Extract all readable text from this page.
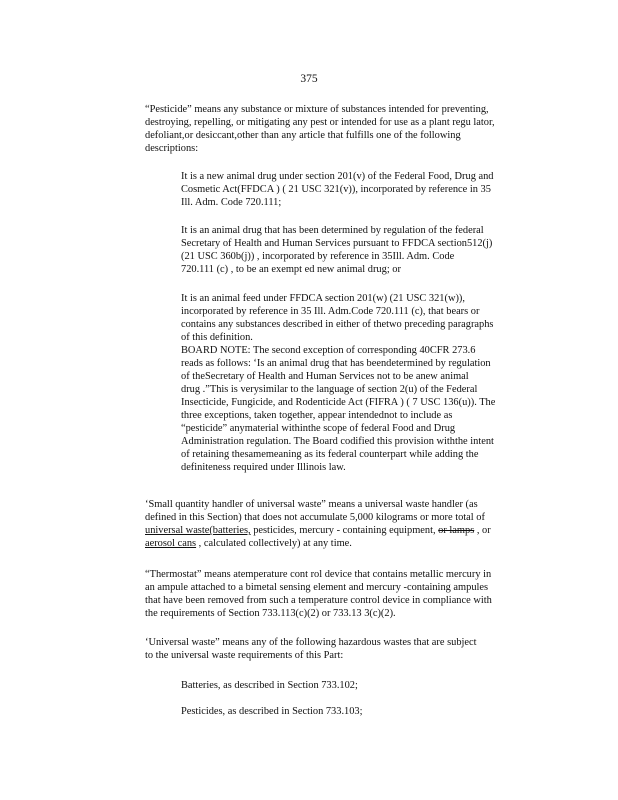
375
“Pesticide” means any substance or mixture of substances intended for preventing,
destroying, repelling, or mitigating any pest or intended for use as a plant regu lator,
defoliant,or desiccant,other than any article that fulfills one of the following
descriptions:
It is a new animal drug under section 201(v) of the Federal Food, Drug and
Cosmetic Act(FFDCA ) ( 21 USC 321(v)), incorporated by reference in 35
Ill. Adm. Code 720.111;
It is an animal drug that has been determined by regulation of the federal
Secretary of Health and Human Services pursuant to FFDCA section512(j)
(21 USC 360b(j)) , incorporated by reference in 35Ill. Adm. Code
720.111 (c) , to be an exempt ed new animal drug; or
It is an animal feed under FFDCA section 201(w) (21 USC 321(w)),
incorporated by reference in 35 Ill. Adm.Code 720.111 (c), that bears or
contains any substances described in either of thetwo preceding paragraphs
of this definition.
BOARD NOTE: The second exception of corresponding 40CFR 273.6
reads as follows: ‘Is an animal drug that has beendetermined by regulation
of theSecretary of Health and Human Services not to be anew animal
drug .”This is verysimilar to the language of section 2(u) of the Federal
Insecticide, Fungicide, and Rodenticide Act (FIFRA ) ( 7 USC 136(u)). The
three exceptions, taken together, appear intendednot to include as
“pesticide” anymaterial withinthe scope of federal Food and Drug
Administration regulation. The Board codified this provision withthe intent
of retaining thesamemeaning as its federal counterpart while adding the
definiteness required under Illinois law.
‘Small quantity handler of universal waste” means a universal waste handler (as
defined in this Section) that does not accumulate 5,000 kilograms or more total of
universal waste(batteries, pesticides, mercury - containing equipment, or lamps , or
aerosol cans , calculated collectively) at any time.
“Thermostat” means atemperature cont rol device that contains metallic mercury in
an ampule attached to a bimetal sensing element and mercury -containing ampules
that have been removed from such a temperature control device in compliance with
the requirements of Section 733.113(c)(2) or 733.13 3(c)(2).
‘Universal waste” means any of the following hazardous wastes that are subject
to the universal waste requirements of this Part:
Batteries, as described in Section 733.102;
Pesticides, as described in Section 733.103;
